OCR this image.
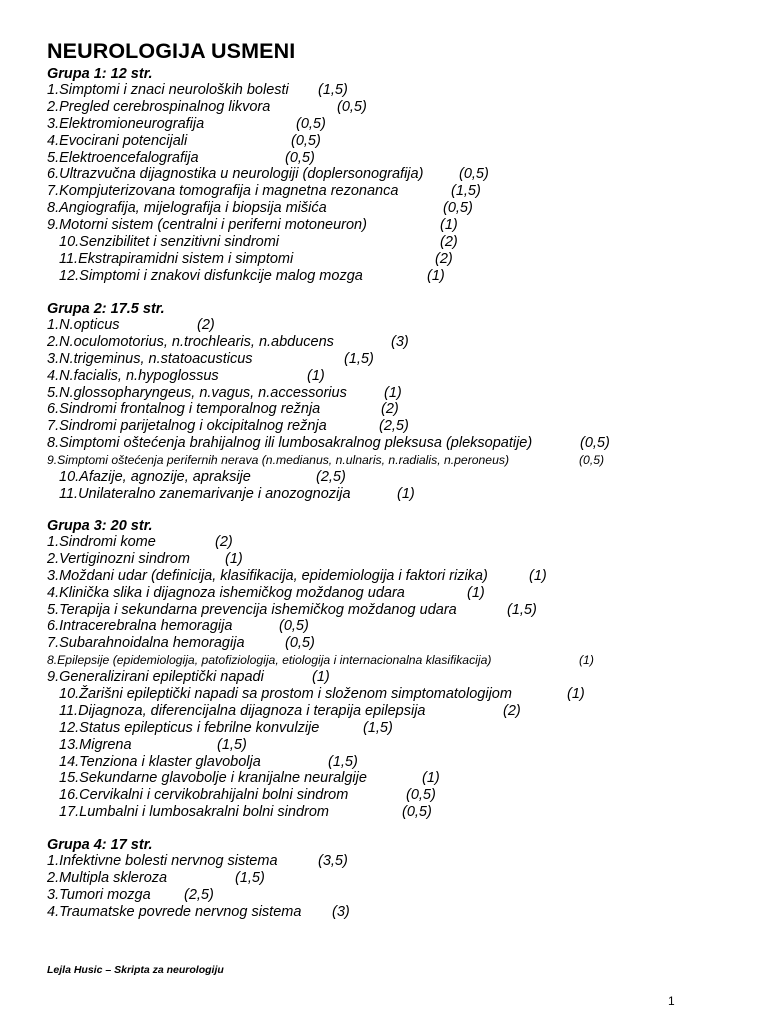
NEUROLOGIJA USMENI
Grupa 1: 12 str.
1.Simptomi i znaci neuroloških bolesti (1,5)
2.Pregled cerebrospinalnog likvora	(0,5)
3.Elektromioneurografija	(0,5)
4.Evocirani potencijali	(0,5)
5.Elektroencefalografija	(0,5)
6.Ultrazvučna dijagnostika u neurologiji (doplersonografija) (0,5)
7.Kompjuterizovana tomografija i magnetna rezonanca	(1,5)
8.Angiografija, mijelografija i biopsija mišića	(0,5)
9.Motorni sistem (centralni i periferni motoneuron)	(1)
10.Senzibilitet i senzitivni sindromi	(2)
11.Ekstrapiramidni sistem i simptomi	(2)
12.Simptomi i znakovi disfunkcije malog mozga	(1)
Grupa 2: 17.5 str.
1.N.opticus	(2)
2.N.oculomotorius, n.trochlearis, n.abducens	(3)
3.N.trigeminus, n.statoacusticus	(1,5)
4.N.facialis, n.hypoglossus	(1)
5.N.glossopharyngeus, n.vagus, n.accessorius	(1)
6.Sindromi frontalnog i temporalnog režnja	(2)
7.Sindromi parijetalnog i okcipitalnog režnja	(2,5)
8.Simptomi oštećenja brahijalnog ili lumbosakralnog pleksusa (pleksopatije)	(0,5)
9.Simptomi oštećenja perifernih nerava (n.medianus, n.ulnaris, n.radialis, n.peroneus)	(0,5)
10.Afazije, agnozije, apraksije	(2,5)
11.Unilateralno zanemarivanje i anozognozija	(1)
Grupa 3: 20 str.
1.Sindromi kome	(2)
2.Vertiginozni sindrom (1)
3.Moždani udar (definicija, klasifikacija, epidemiologija i faktori rizika)	(1)
4.Klinička slika i dijagnoza ishemičkog moždanog udara	(1)
5.Terapija i sekundarna prevencija ishemičkog moždanog udara	(1,5)
6.Intracerebralna hemoragija	(0,5)
7.Subarahnoidalna hemoragija	(0,5)
8.Epilepsije (epidemiologija, patofiziologija, etiologija i internacionalna klasifikacija)	(1)
9.Generalizirani epileptički napadi	(1)
10.Žarišni epileptički napadi sa prostom i složenom simptomatologijom	(1)
11.Dijagnoza, diferencijalna dijagnoza i terapija epilepsija	(2)
12.Status epilepticus i febrilne konvulzije	(1,5)
13.Migrena	(1,5)
14.Tenziona i klaster glavobolja	(1,5)
15.Sekundarne glavobolje i kranijalne neuralgije	(1)
16.Cervikalni i cervikobrahijalni bolni sindrom	(0,5)
17.Lumbalni i lumbosakralni bolni sindrom	(0,5)
Grupa 4: 17 str.
1.Infektivne bolesti nervnog sistema	(3,5)
2.Multipla skleroza	(1,5)
3.Tumori mozga (2,5)
4.Traumatske povrede nervnog sistema (3)
Lejla Husic – Skripta za neurologiju
1
